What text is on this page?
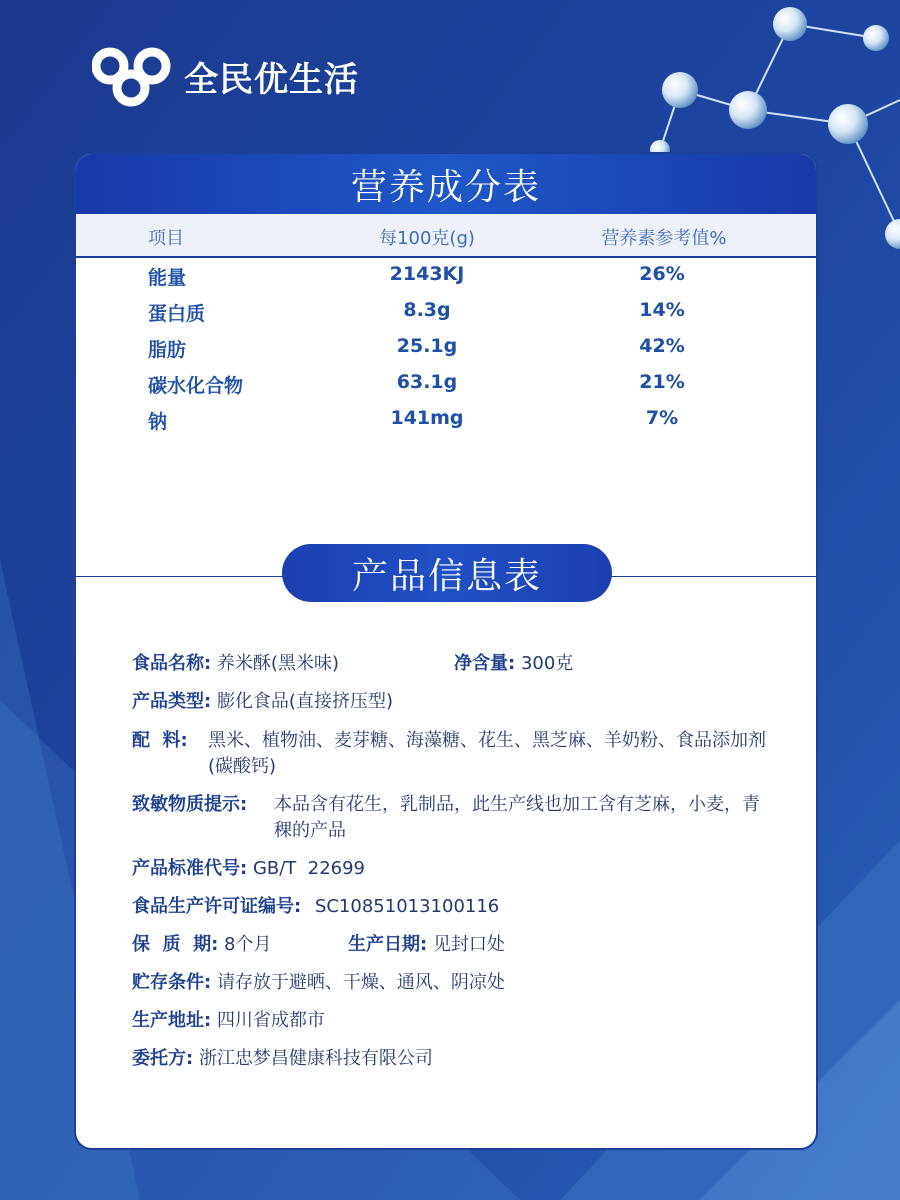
全民优生活
营养成分表
项目	每100克(g)	营养素参考值%
能量	2143KJ	26%
蛋白质	8.3g	14%
脂肪	25.1g	42%
碳水化合物	63.1g	21%
钠	141mg	7%
产品信息表
食品名称: 养米酥(黑米味)	净含量: 300克
产品类型: 膨化食品(直接挤压型)
配  料:	黑米、植物油、麦芽糖、海藻糖、花生、黑芝麻、羊奶粉、食品添加剂(碳酸钙)
致敏物质提示:	本品含有花生，乳制品，此生产线也加工含有芝麻，小麦，青稞的产品
产品标准代号: GB/T  22699
食品生产许可证编号: SC10851013100116
保  质  期: 8个月	生产日期: 见封口处
贮存条件: 请存放于避晒、干燥、通风、阴凉处
生产地址: 四川省成都市
委托方: 浙江忠梦昌健康科技有限公司
